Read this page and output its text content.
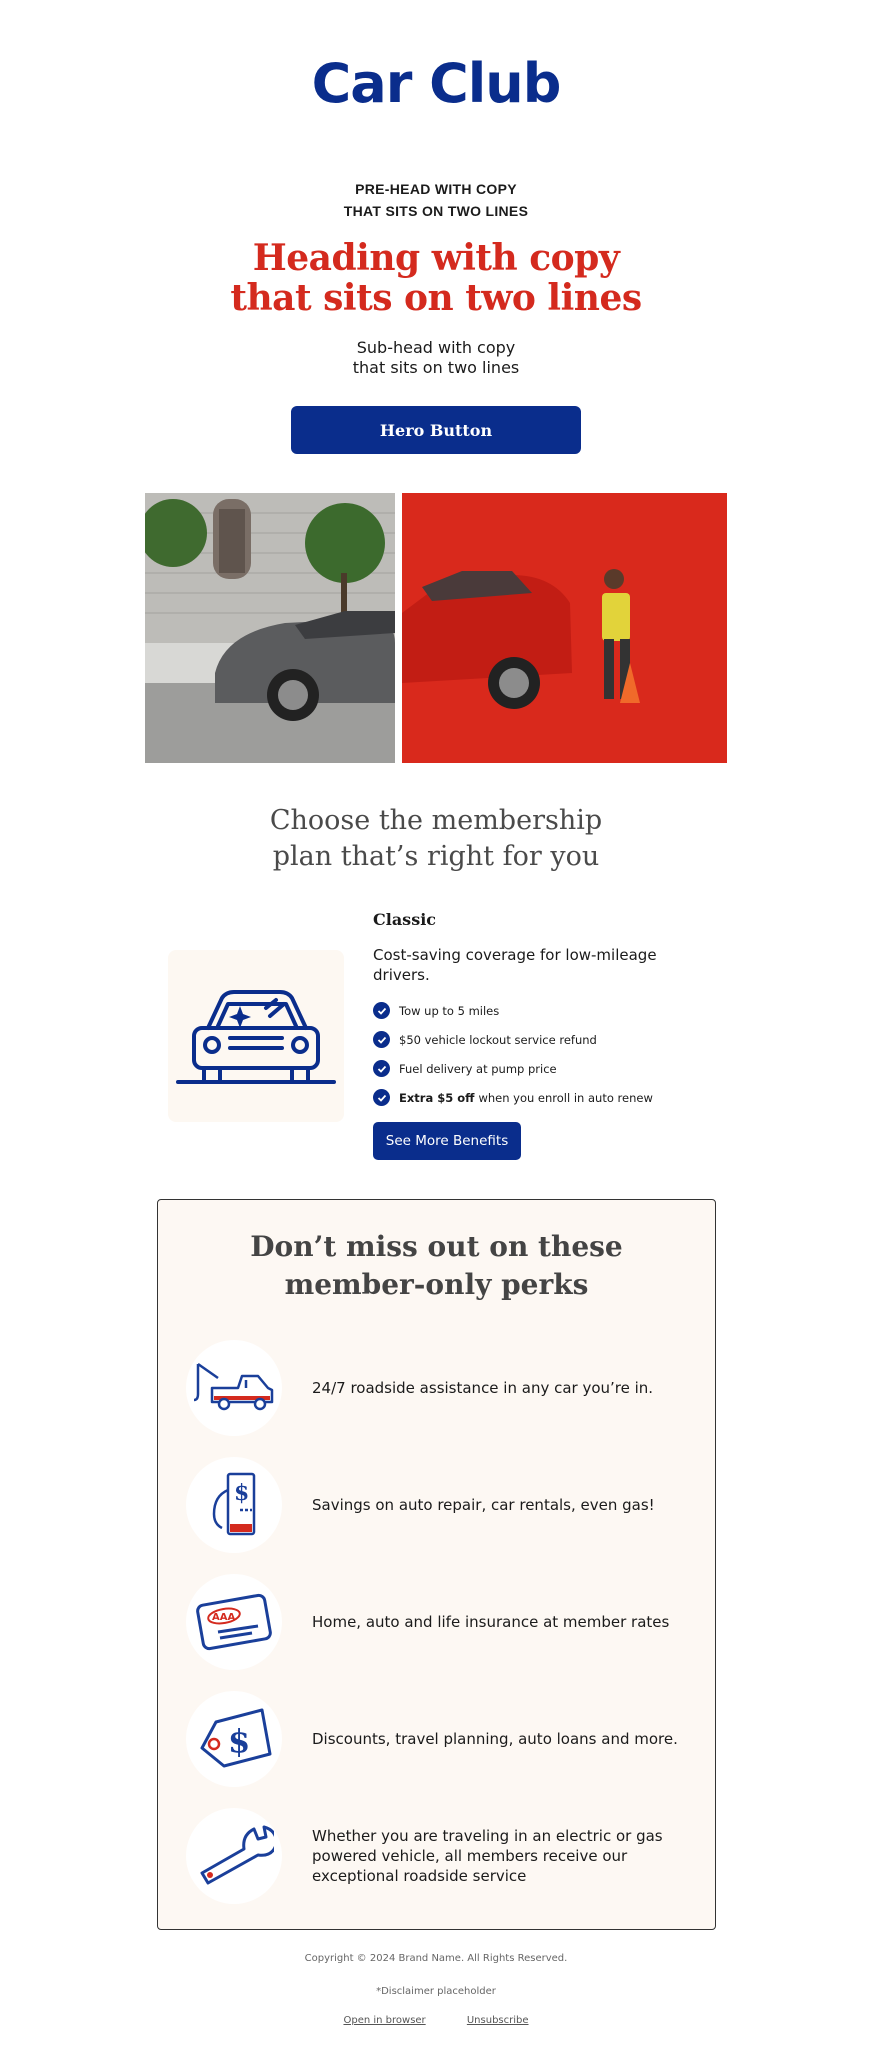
Car Club
PRE-HEAD WITH COPY
THAT SITS ON TWO LINES
Heading with copy
that sits on two lines
Sub-head with copy
that sits on two lines
Hero Button
Choose the membership
plan that’s right for you
Classic
Cost-saving coverage for low-mileage drivers.
Tow up to 5 miles
$50 vehicle lockout service refund
Fuel delivery at pump price
Extra $5 off when you enroll in auto renew
See More Benefits
Don’t miss out on these
member-only perks
24/7 roadside assistance in any car you’re in.
$	Savings on auto repair, car rentals, even gas!
AAA	Home, auto and life insurance at member rates
$	Discounts, travel planning, auto loans and more.
Whether you are traveling in an electric or gas powered vehicle, all members receive our exceptional roadside service
Copyright © 2024 Brand Name. All Rights Reserved.
*Disclaimer placeholder
Open in browser	Unsubscribe
